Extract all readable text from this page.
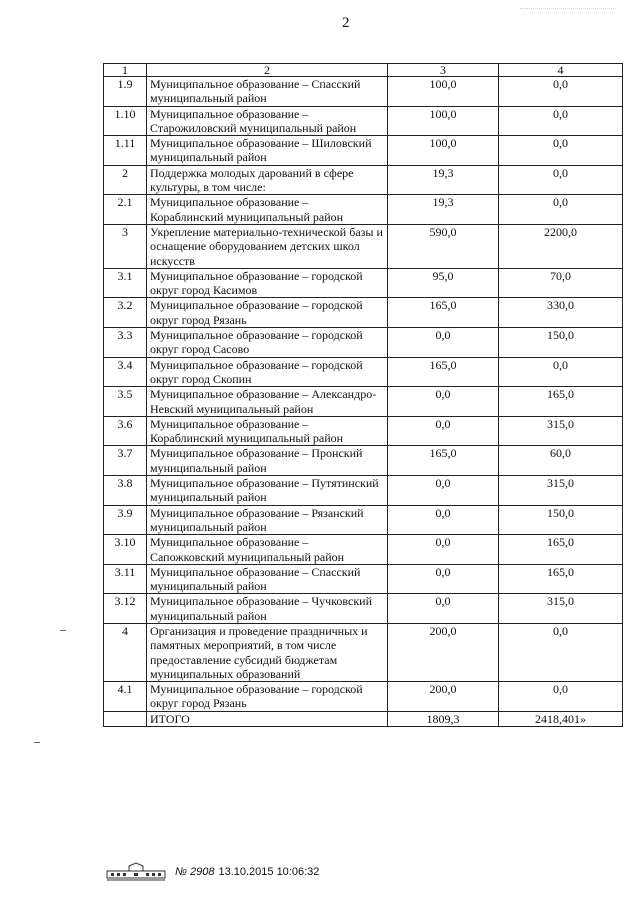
2
1	2	3	4
1.9	Муниципальное образование – Спасский муниципальный район	100,0	0,0
1.10	Муниципальное образование – Старожиловский муниципальный район	100,0	0,0
1.11	Муниципальное образование – Шиловский муниципальный район	100,0	0,0
2	Поддержка молодых дарований в сфере культуры, в том числе:	19,3	0,0
2.1	Муниципальное образование – Кораблинский муниципальный район	19,3	0,0
3	Укрепление материально-технической базы и оснащение оборудованием детских школ искусств	590,0	2200,0
3.1	Муниципальное образование – городской округ город Касимов	95,0	70,0
3.2	Муниципальное образование – городской округ город Рязань	165,0	330,0
3.3	Муниципальное образование – городской округ город Сасово	0,0	150,0
3.4	Муниципальное образование – городской округ город Скопин	165,0	0,0
3.5	Муниципальное образование – Александро-Невский муниципальный район	0,0	165,0
3.6	Муниципальное образование – Кораблинский муниципальный район	0,0	315,0
3.7	Муниципальное образование – Пронский муниципальный район	165,0	60,0
3.8	Муниципальное образование – Путятинский муниципальный район	0,0	315,0
3.9	Муниципальное образование – Рязанский муниципальный район	0,0	150,0
3.10	Муниципальное образование – Сапожковский муниципальный район	0,0	165,0
3.11	Муниципальное образование – Спасский муниципальный район	0,0	165,0
3.12	Муниципальное образование – Чучковский муниципальный район	0,0	315,0
4	Организация и проведение праздничных и памятных мероприятий, в том числе предоставление субсидий бюджетам муниципальных образований	200,0	0,0
4.1	Муниципальное образование – городской округ город Рязань	200,0	0,0
	ИТОГО	1809,3	2418,401»
№ 2908 13.10.2015 10:06:32
